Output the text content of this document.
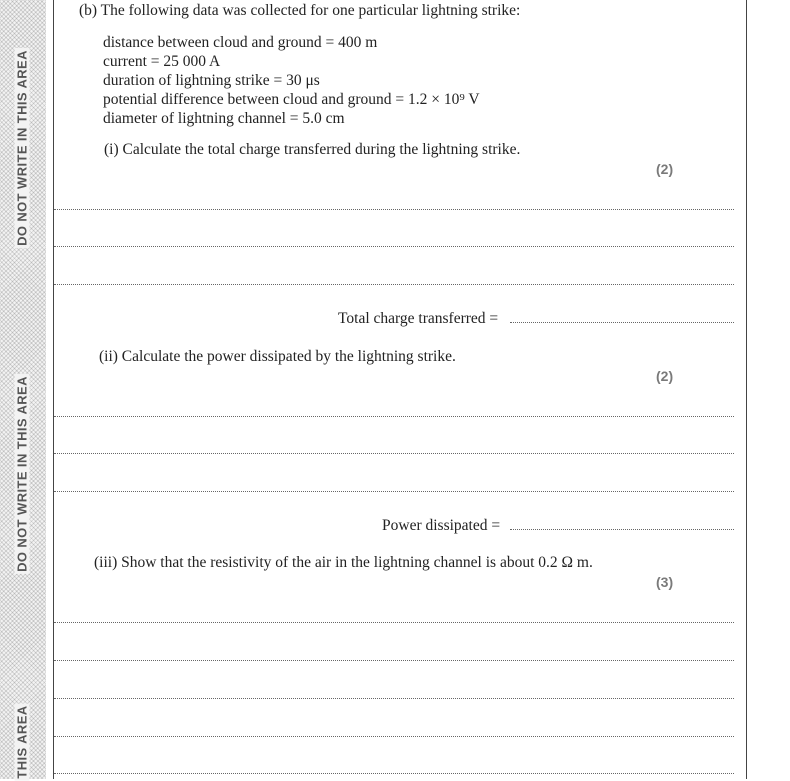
DO NOT WRITE IN THIS AREA
DO NOT WRITE IN THIS AREA
THIS AREA
(b) The following data was collected for one particular lightning strike:
distance between cloud and ground = 400 m
current = 25 000 A
duration of lightning strike = 30 μs
potential difference between cloud and ground = 1.2 × 10⁹ V
diameter of lightning channel = 5.0 cm
(i) Calculate the total charge transferred during the lightning strike.
(2)
Total charge transferred =
(ii) Calculate the power dissipated by the lightning strike.
(2)
Power dissipated =
(iii) Show that the resistivity of the air in the lightning channel is about 0.2 Ω m.
(3)
